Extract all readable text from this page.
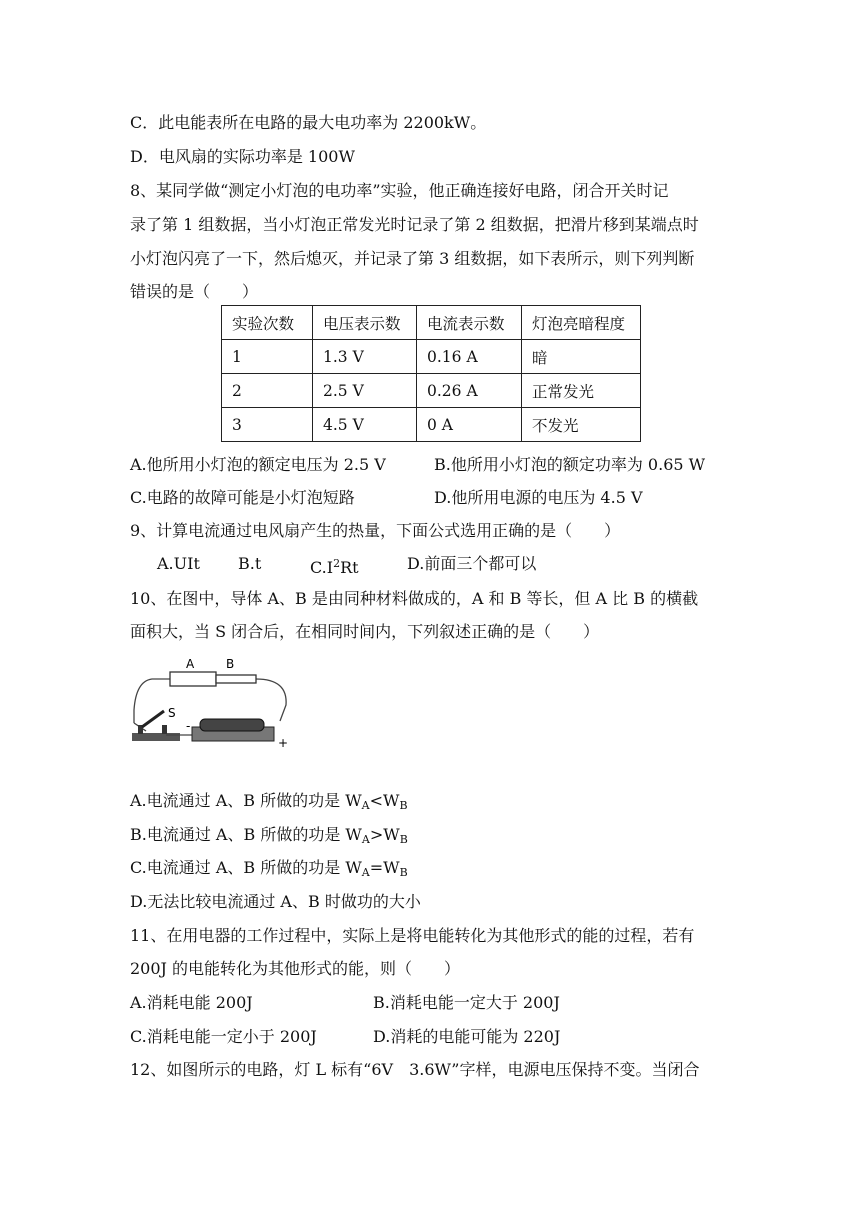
C．此电能表所在电路的最大电功率为 2200kW。
D．电风扇的实际功率是 100W
8、某同学做“测定小灯泡的电功率”实验，他正确连接好电路，闭合开关时记
录了第 1 组数据，当小灯泡正常发光时记录了第 2 组数据，把滑片移到某端点时
小灯泡闪亮了一下，然后熄灭，并记录了第 3 组数据，如下表所示，则下列判断
错误的是（　　）
实验次数	电压表示数	电流表示数	灯泡亮暗程度
1	1.3 V	0.16 A	暗
2	2.5 V	0.26 A	正常发光
3	4.5 V	0 A	不发光
A.他所用小灯泡的额定电压为 2.5 V	B.他所用小灯泡的额定功率为 0.65 W
C.电路的故障可能是小灯泡短路	D.他所用电源的电压为 4.5 V
9、计算电流通过电风扇产生的热量，下面公式选用正确的是（　　）
A.UIt B.t	$C.I^2Rt$	D.前面三个都可以
10、在图中，导体 A、B 是由同种材料做成的，A 和 B 等长，但 A 比 B 的横截
面积大，当 S 闭合后，在相同时间内，下列叙述正确的是（　　）
A	B
S
-
+
A.电流通过 A、B 所做的功是 $W_A<W_B$
B.电流通过 A、B 所做的功是 $W_A>W_B$
C.电流通过 A、B 所做的功是 $W_A=W_B$
D.无法比较电流通过 A、B 时做功的大小
11、在用电器的工作过程中，实际上是将电能转化为其他形式的能的过程，若有
200J 的电能转化为其他形式的能，则（　　）
A.消耗电能 200J	B.消耗电能一定大于 200J
C.消耗电能一定小于 200J	D.消耗的电能可能为 220J
12、如图所示的电路，灯 L 标有“6V　3.6W”字样，电源电压保持不变。当闭合
